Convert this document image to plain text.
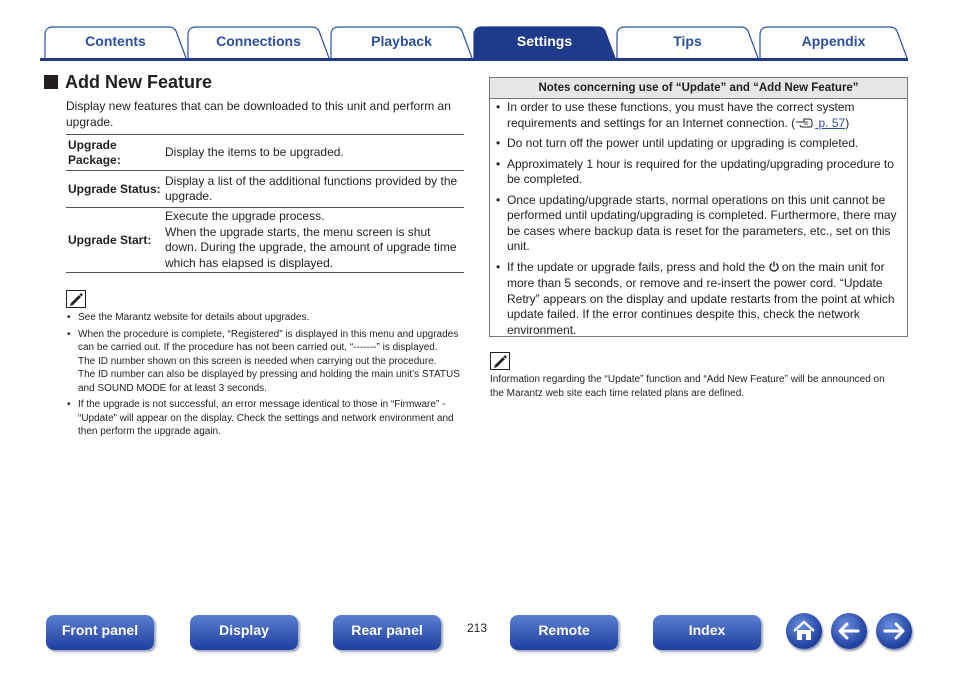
Contents	Connections	Playback	Settings	Tips	Appendix
Add New Feature
Display new features that can be downloaded to this unit and perform an upgrade.
Upgrade Package:	Display the items to be upgraded.

Upgrade Status:	Display a list of the additional functions provided by the upgrade.

Upgrade Start:	Execute the upgrade process.
When the upgrade starts, the menu screen is shut down. During the upgrade, the amount of upgrade time which has elapsed is displayed.
• See the Marantz website for details about upgrades.
• When the procedure is complete, “Registered” is displayed in this menu and upgrades can be carried out. If the procedure has not been carried out, “-------” is displayed.
The ID number shown on this screen is needed when carrying out the procedure.
The ID number can also be displayed by pressing and holding the main unit’s STATUS and SOUND MODE for at least 3 seconds.
• If the upgrade is not successful, an error message identical to those in “Firmware” - “Update” will appear on the display. Check the settings and network environment and then perform the upgrade again.
Notes concerning use of “Update” and “Add New Feature”
• In order to use these functions, you must have the correct system requirements and settings for an Internet connection. ( p. 57)
• Do not turn off the power until updating or upgrading is completed.
• Approximately 1 hour is required for the updating/upgrading procedure to be completed.
• Once updating/upgrade starts, normal operations on this unit cannot be performed until updating/upgrading is completed. Furthermore, there may be cases where backup data is reset for the parameters, etc., set on this unit.
• If the update or upgrade fails, press and hold the  on the main unit for more than 5 seconds, or remove and re-insert the power cord. “Update Retry” appears on the display and update restarts from the point at which update failed. If the error continues despite this, check the network environment.
Information regarding the “Update” function and “Add New Feature” will be announced on the Marantz web site each time related plans are defined.
Front panel	Display	Rear panel	213	Remote	Index
